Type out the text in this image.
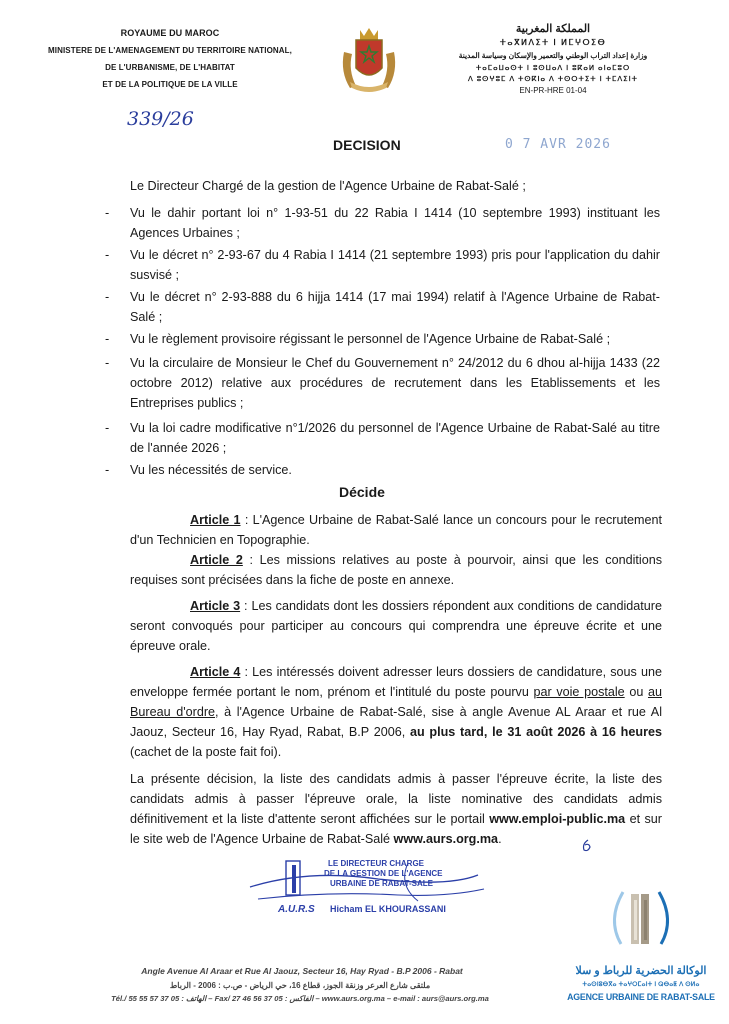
ROYAUME DU MAROC
MINISTERE DE L'AMENAGEMENT DU TERRITOIRE NATIONAL,
DE L'URBANISME, DE L'HABITAT
ET DE LA POLITIQUE DE LA VILLE
339/26
المملكة المغربية
ⵜⴰⴳⵍⴷⵉⵜ ⵏ ⵍⵎⵖⵔⵉⴱ
وزارة إعداد التراب الوطني والتعمير والإسكان وسياسة المدينة
ⵜⴰⵎⴰⵡⴰⵙⵜ ⵏ ⵓⵙⵡⴰⴷ ⵏ ⵓⴽⴰⵍ ⴰⵏⴰⵎⵓⵔ
ⴷ ⵓⵙⵖⵓⵎ ⴷ ⵜⵙⴽⵏⴰ ⴷ ⵜⵙⵔⵜⵉⵜ ⵏ ⵜⵎⴷⵉⵏⵜ
EN-PR-HRE 01-04
DECISION	0 7 AVR 2026
Le Directeur Chargé de la gestion de l'Agence Urbaine de Rabat-Salé ;
- Vu le dahir portant loi n° 1-93-51 du 22 Rabia I 1414 (10 septembre 1993) instituant les Agences Urbaines ;
- Vu le décret n° 2-93-67 du 4 Rabia I 1414 (21 septembre 1993) pris pour l'application du dahir susvisé ;
- Vu le décret n° 2-93-888 du 6 hijja 1414 (17 mai 1994) relatif à l'Agence Urbaine de Rabat-Salé ;
- Vu le règlement provisoire régissant le personnel de l'Agence Urbaine de Rabat-Salé ;
- Vu la circulaire de Monsieur le Chef du Gouvernement n° 24/2012 du 6 dhou al-hijja 1433 (22 octobre 2012) relative aux procédures de recrutement dans les Etablissements et les Entreprises publics ;
- Vu la loi cadre modificative n°1/2026 du personnel de l'Agence Urbaine de Rabat-Salé au titre de l'année 2026 ;
- Vu les nécessités de service.
Décide
Article 1 : L'Agence Urbaine de Rabat-Salé lance un concours pour le recrutement d'un Technicien en Topographie.
Article 2 : Les missions relatives au poste à pourvoir, ainsi que les conditions requises sont précisées dans la fiche de poste en annexe.
Article 3 : Les candidats dont les dossiers répondent aux conditions de candidature seront convoqués pour participer au concours qui comprendra une épreuve écrite et une épreuve orale.
Article 4 : Les intéressés doivent adresser leurs dossiers de candidature, sous une enveloppe fermée portant le nom, prénom et l'intitulé du poste pourvu par voie postale ou au Bureau d'ordre, à l'Agence Urbaine de Rabat-Salé, sise à angle Avenue AL Araar et rue Al Jaouz, Secteur 16, Hay Ryad, Rabat, B.P 2006, au plus tard, le 31 août 2026 à 16 heures (cachet de la poste fait foi).
La présente décision, la liste des candidats admis à passer l'épreuve écrite, la liste des candidats admis à passer l'épreuve orale, la liste nominative des candidats admis définitivement et la liste d'attente seront affichées sur le portail www.emploi-public.ma et sur le site web de l'Agence Urbaine de Rabat-Salé www.aurs.org.ma.
LE DIRECTEUR CHARGE
DE LA GESTION DE L'AGENCE
URBAINE DE RABAT-SALE
A.U.R.S Hicham EL KHOURASSANI
Angle Avenue Al Araar et Rue Al Jaouz, Secteur 16, Hay Ryad - B.P 2006 - Rabat
ملتقى شارع العرعر وزنقة الجوز، قطاع 16، حي الرياض - ص.ب : 2006 - الرباط
Tél./ الهاتف : 05 37 57 55 55 – Fax/ الفاكس : 05 37 56 46 27 – www.aurs.org.ma – e-mail : aurs@aurs.org.ma
الوكالة الحضرية للرباط و سلا
ⵜⴰⵙⵏⵓⴱⴳⴰ ⵜⴰⵖⵔⵎⴰⵏⵜ ⵏ ⵕⴱⴰⵟ ⴷ ⵙⵍⴰ
AGENCE URBAINE DE RABAT-SALE
